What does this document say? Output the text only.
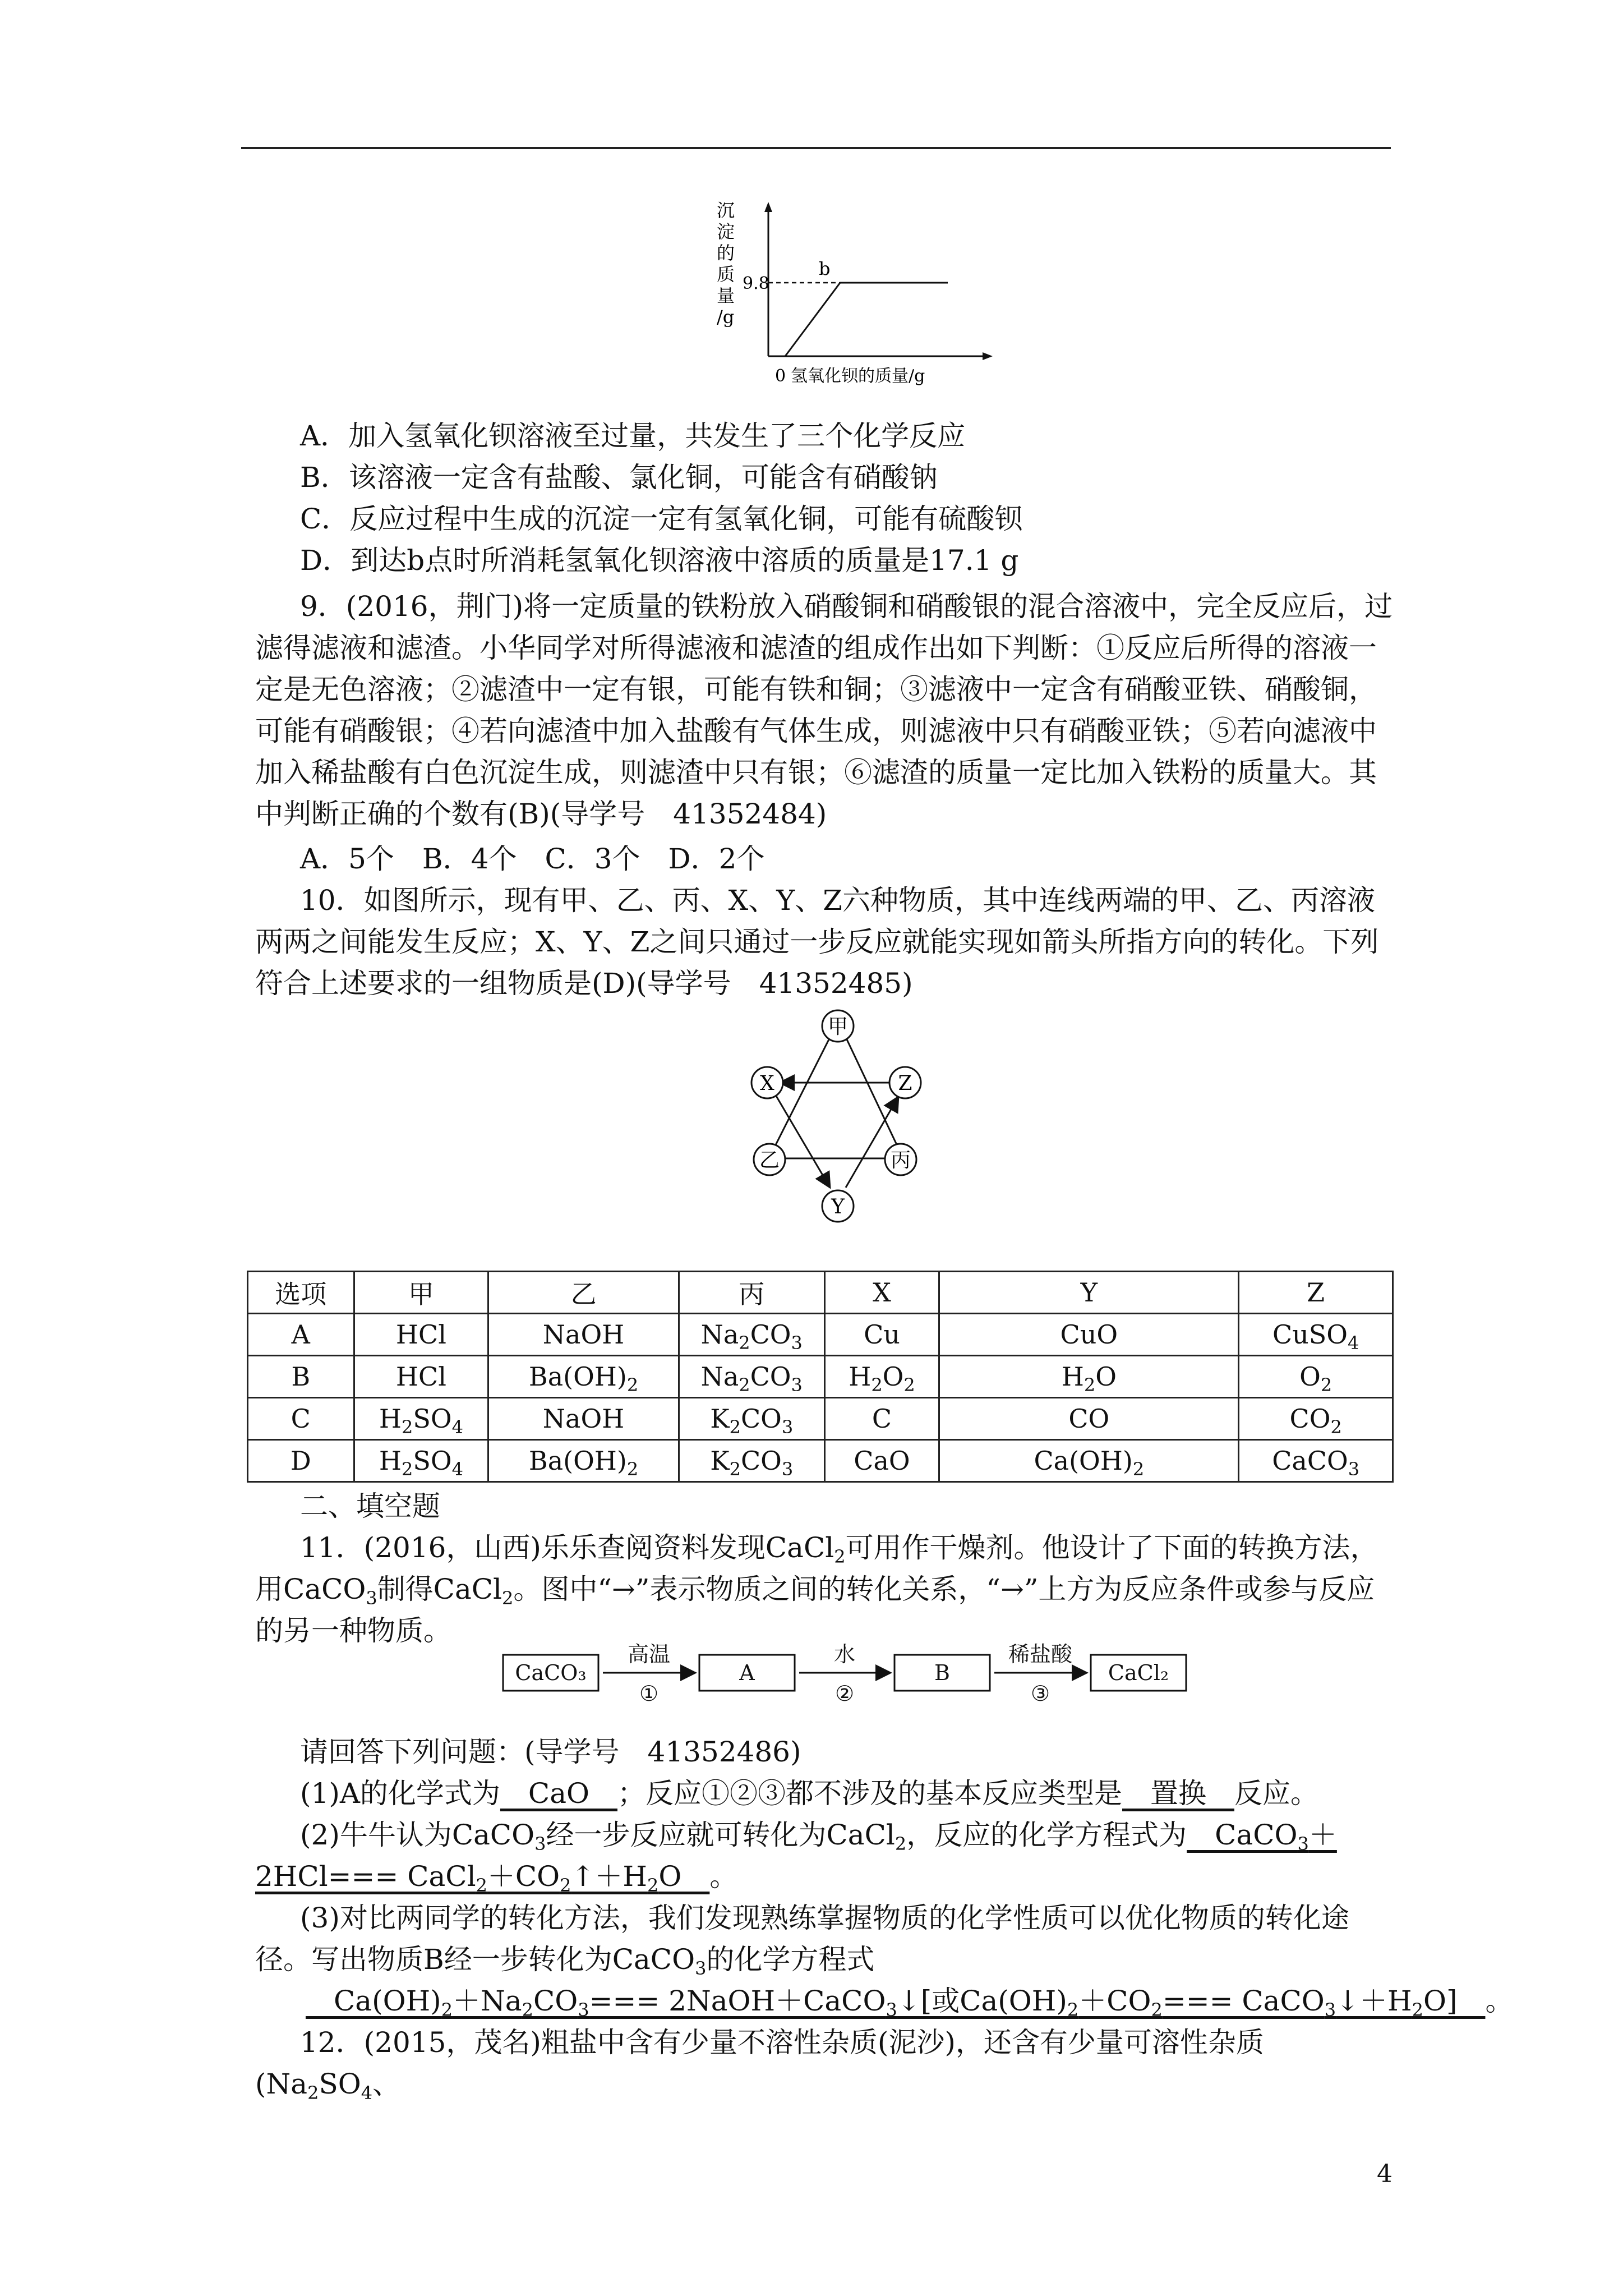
沉淀的质量/g
9.8
b
0 氢氧化钡的质量/g
A．加入氢氧化钡溶液至过量，共发生了三个化学反应
B．该溶液一定含有盐酸、氯化铜，可能含有硝酸钠
C．反应过程中生成的沉淀一定有氢氧化铜，可能有硫酸钡
D．到达b点时所消耗氢氧化钡溶液中溶质的质量是17.1 g
9．(2016，荆门)将一定质量的铁粉放入硝酸铜和硝酸银的混合溶液中，完全反应后，过滤得滤液和滤渣。小华同学对所得滤液和滤渣的组成作出如下判断：①反应后所得的溶液一定是无色溶液；②滤渣中一定有银，可能有铁和铜；③滤液中一定含有硝酸亚铁、硝酸铜，可能有硝酸银；④若向滤渣中加入盐酸有气体生成，则滤液中只有硝酸亚铁；⑤若向滤液中加入稀盐酸有白色沉淀生成，则滤渣中只有银；⑥滤渣的质量一定比加入铁粉的质量大。其中判断正确的个数有(B)(导学号　41352484)
A．5个　B．4个　C．3个　D．2个
10．如图所示，现有甲、乙、丙、X、Y、Z六种物质，其中连线两端的甲、乙、丙溶液两两之间能发生反应；X、Y、Z之间只通过一步反应就能实现如箭头所指方向的转化。下列符合上述要求的一组物质是(D)(导学号　41352485)
甲
X	Z
乙	丙
Y
选项	甲	乙	丙	X	Y	Z
A	HCl	NaOH	$Na_2CO_3$	Cu	CuO	CuSO$_4$
B	HCl	$Ba(OH)_2$	$Na_2CO_3$	$H_2O_2$	$H_2O$	$O_2$
C	$H_2SO_4$	NaOH	$K_2CO_3$	C	CO	$CO_2$
D	$H_2SO_4$	$Ba(OH)_2$	$K_2CO_3$	CaO	$Ca(OH)_2$	CaCO$_3$
二、填空题
11．(2016，山西)乐乐查阅资料发现CaCl$_2$可用作干燥剂。他设计了下面的转换方法，用CaCO$_3$制得CaCl$_2$。图中“→”表示物质之间的转化关系，“→”上方为反应条件或参与反应的另一种物质。
CaCO₃	A	B	CaCl₂
高温	水	稀盐酸
①	②	③
请回答下列问题：(导学号　41352486)
(1)A的化学式为　CaO　；反应①②③都不涉及的基本反应类型是　置换　反应。
(2)牛牛认为CaCO$_3$经一步反应就可转化为CaCl$_2$，反应的化学方程式为　CaCO$_3$＋2HCl=== $CaCl_2+CO_2↑+H_2O$　。
(3)对比两同学的转化方法，我们发现熟练掌握物质的化学性质可以优化物质的转化途径。写出物质B经一步转化为CaCO$_3$的化学方程式
　$Ca(OH)_2+Na_2CO_3===$ 2NaOH＋CaCO$_3$↓[或$Ca(OH)_2+CO_2===$ $CaCO_3↓+H_2O$]　。
12．(2015，茂名)粗盐中含有少量不溶性杂质(泥沙)，还含有少量可溶性杂质($Na_2SO_4$、
4
